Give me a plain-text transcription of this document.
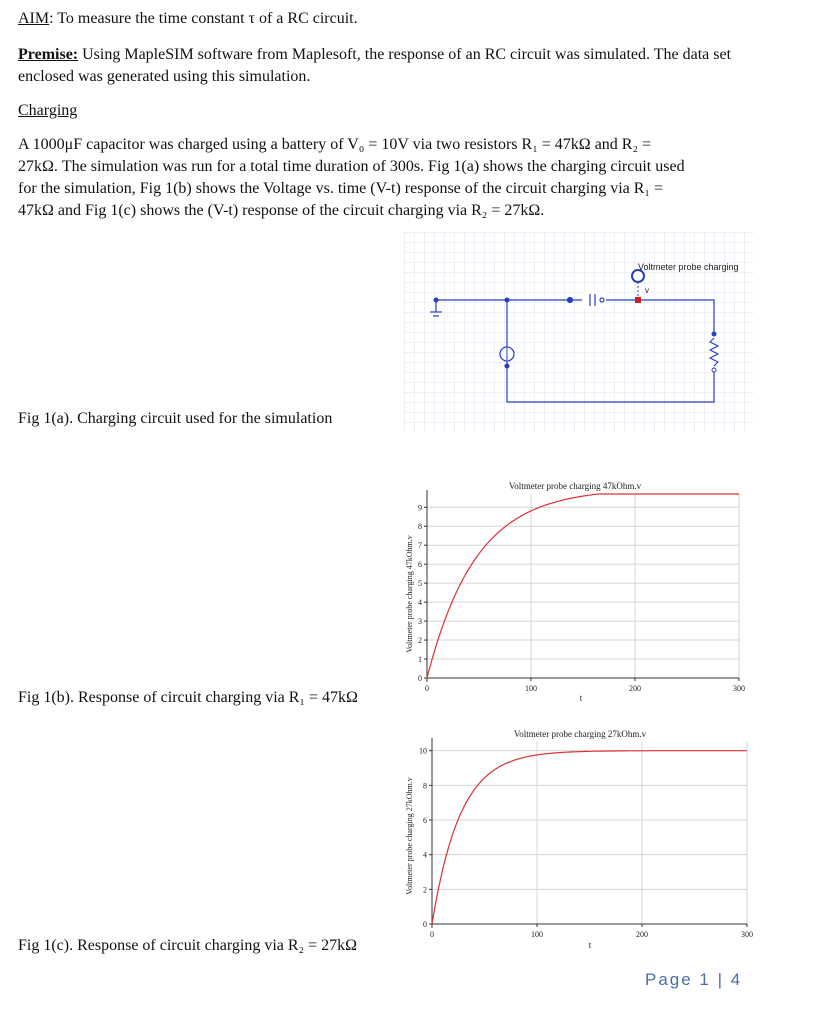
AIM: To measure the time constant τ of a RC circuit.
Premise: Using MapleSIM software from Maplesoft, the response of an RC circuit was simulated. The data set enclosed was generated using this simulation.
Charging
A 1000μF capacitor was charged using a battery of V₀ = 10V via two resistors R₁ = 47kΩ and R₂ =
27kΩ. The simulation was run for a total time duration of 300s. Fig 1(a) shows the charging circuit used
for the simulation, Fig 1(b) shows the Voltage vs. time (V-t) response of the circuit charging via R₁ =
47kΩ and Fig 1(c) shows the (V-t) response of the circuit charging via R₂ = 27kΩ.
Voltmeter probe charging
v
Fig 1(a). Charging circuit used for the simulation
Voltmeter probe charging 47kOhm.v
t
Voltmeter probe charging 47kOhm.v
0	100	200	300
0
1
2
3
4
5
6
7
8
9
Fig 1(b). Response of circuit charging via R₁ = 47kΩ
Voltmeter probe charging 27kOhm.v
t
Voltmeter probe charging 27kOhm.v
0	100	200	300
0
2
4
6
8
10
Fig 1(c). Response of circuit charging via R₂ = 27kΩ
Page 1 | 4
